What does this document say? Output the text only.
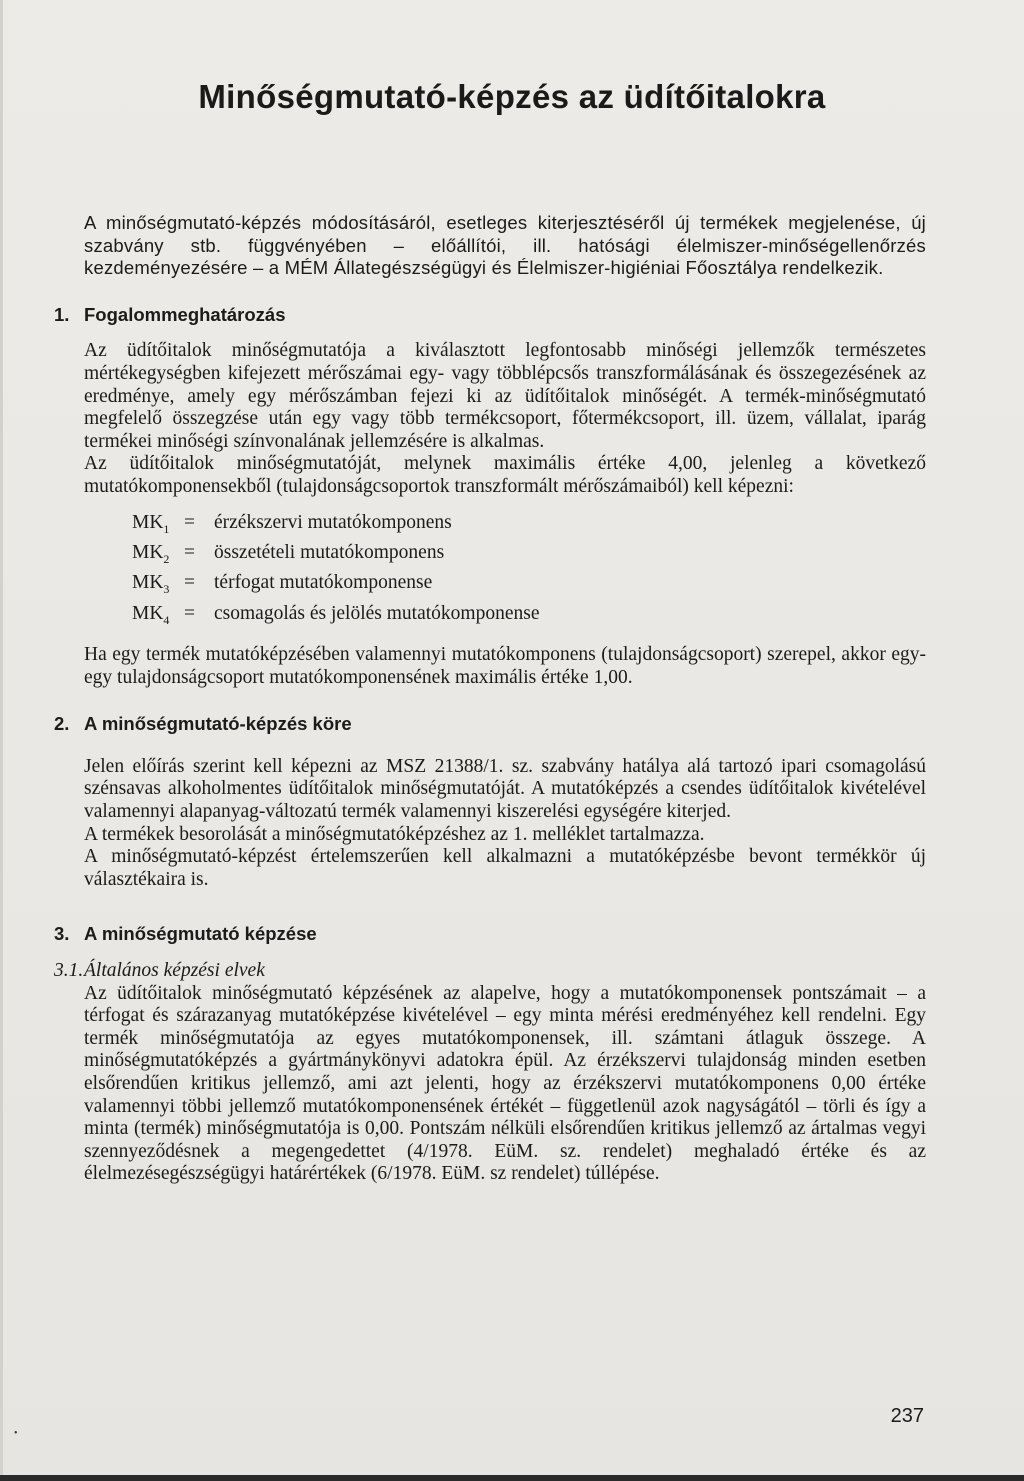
Minőségmutató-képzés az üdítőitalokra

A minőségmutató-képzés módosításáról, esetleges kiterjesztéséről új termékek megjelenése, új szabvány stb. függvényében – előállítói, ill. hatósági élelmiszer-minőségellenőrzés kezdeményezésére – a MÉM Állategészségügyi és Élelmiszer-higiéniai Főosztálya rendelkezik.

1. Fogalommeghatározás

Az üdítőitalok minőségmutatója a kiválasztott legfontosabb minőségi jellemzők természetes mértékegységben kifejezett mérőszámai egy- vagy többlépcsős transzformálásának és összegezésének az eredménye, amely egy mérőszámban fejezi ki az üdítőitalok minőségét. A termék-minőségmutató megfelelő összegzése után egy vagy több termékcsoport, főtermékcsoport, ill. üzem, vállalat, iparág termékei minőségi színvonalának jellemzésére is alkalmas.

Az üdítőitalok minőségmutatóját, melynek maximális értéke 4,00, jelenleg a következő mutatókomponensekből (tulajdonságcsoportok transzformált mérőszámaiból) kell képezni:

$MK_1$ = érzékszervi mutatókomponens
$MK_2$ = összetételi mutatókomponens
$MK_3$ = térfogat mutatókomponense
$MK_4$ = csomagolás és jelölés mutatókomponense

Ha egy termék mutatóképzésében valamennyi mutatókomponens (tulajdonságcsoport) szerepel, akkor egy-egy tulajdonságcsoport mutatókomponensének maximális értéke 1,00.

2. A minőségmutató-képzés köre

Jelen előírás szerint kell képezni az MSZ 21388/1. sz. szabvány hatálya alá tartozó ipari csomagolású szénsavas alkoholmentes üdítőitalok minőségmutatóját. A mutatóképzés a csendes üdítőitalok kivételével valamennyi alapanyag-változatú termék valamennyi kiszerelési egységére kiterjed.

A termékek besorolását a minőségmutatóképzéshez az 1. melléklet tartalmazza.

A minőségmutató-képzést értelemszerűen kell alkalmazni a mutatóképzésbe bevont termékkör új választékaira is.

3. A minőségmutató képzése
3.1. Általános képzési elvek

Az üdítőitalok minőségmutató képzésének az alapelve, hogy a mutatókomponensek pontszámait – a térfogat és szárazanyag mutatóképzése kivételével – egy minta mérési eredményéhez kell rendelni. Egy termék minőségmutatója az egyes mutatókomponensek, ill. számtani átlaguk összege. A minőségmutatóképzés a gyártmánykönyvi adatokra épül. Az érzékszervi tulajdonság minden esetben elsőrendűen kritikus jellemző, ami azt jelenti, hogy az érzékszervi mutatókomponens 0,00 értéke valamennyi többi jellemző mutatókomponensének értékét – függetlenül azok nagyságától – törli és így a minta (termék) minőségmutatója is 0,00. Pontszám nélküli elsőrendűen kritikus jellemző az ártalmas vegyi szennyeződésnek a megengedettet (4/1978. EüM. sz. rendelet) meghaladó értéke és az élelmezésegészségügyi határértékek (6/1978. EüM. sz rendelet) túllépése.

•
237
